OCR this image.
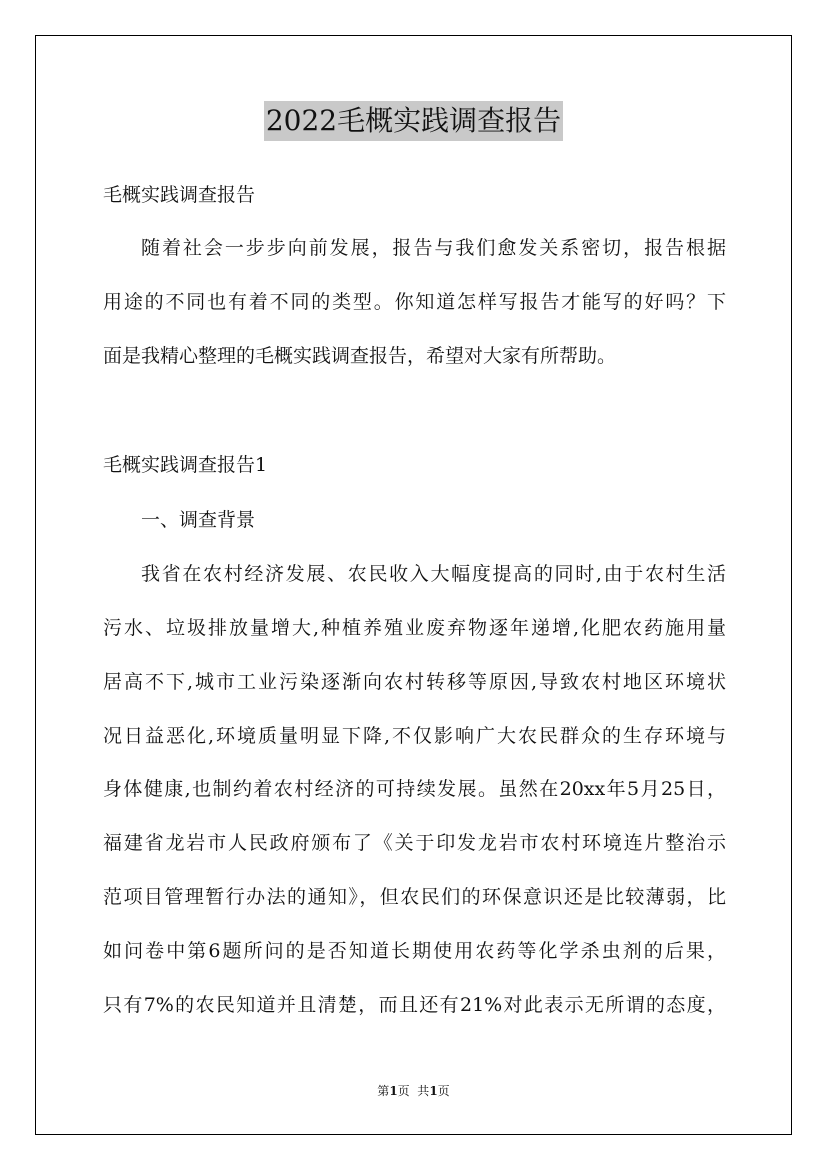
2022毛概实践调查报告
毛概实践调查报告
随着社会一步步向前发展，报告与我们愈发关系密切，报告根据
用途的不同也有着不同的类型。你知道怎样写报告才能写的好吗？下
面是我精心整理的毛概实践调查报告，希望对大家有所帮助。
毛概实践调查报告1
一、调查背景
我省在农村经济发展、农民收入大幅度提高的同时,由于农村生活
污水、垃圾排放量增大,种植养殖业废弃物逐年递增,化肥农药施用量
居高不下,城市工业污染逐渐向农村转移等原因,导致农村地区环境状
况日益恶化,环境质量明显下降,不仅影响广大农民群众的生存环境与
身体健康,也制约着农村经济的可持续发展。虽然在20xx年5月25日，
福建省龙岩市人民政府颁布了《关于印发龙岩市农村环境连片整治示
范项目管理暂行办法的通知》，但农民们的环保意识还是比较薄弱，比
如问卷中第6题所问的是否知道长期使用农药等化学杀虫剂的后果，
只有7%的农民知道并且清楚，而且还有21%对此表示无所谓的态度，
第1页  共1页
